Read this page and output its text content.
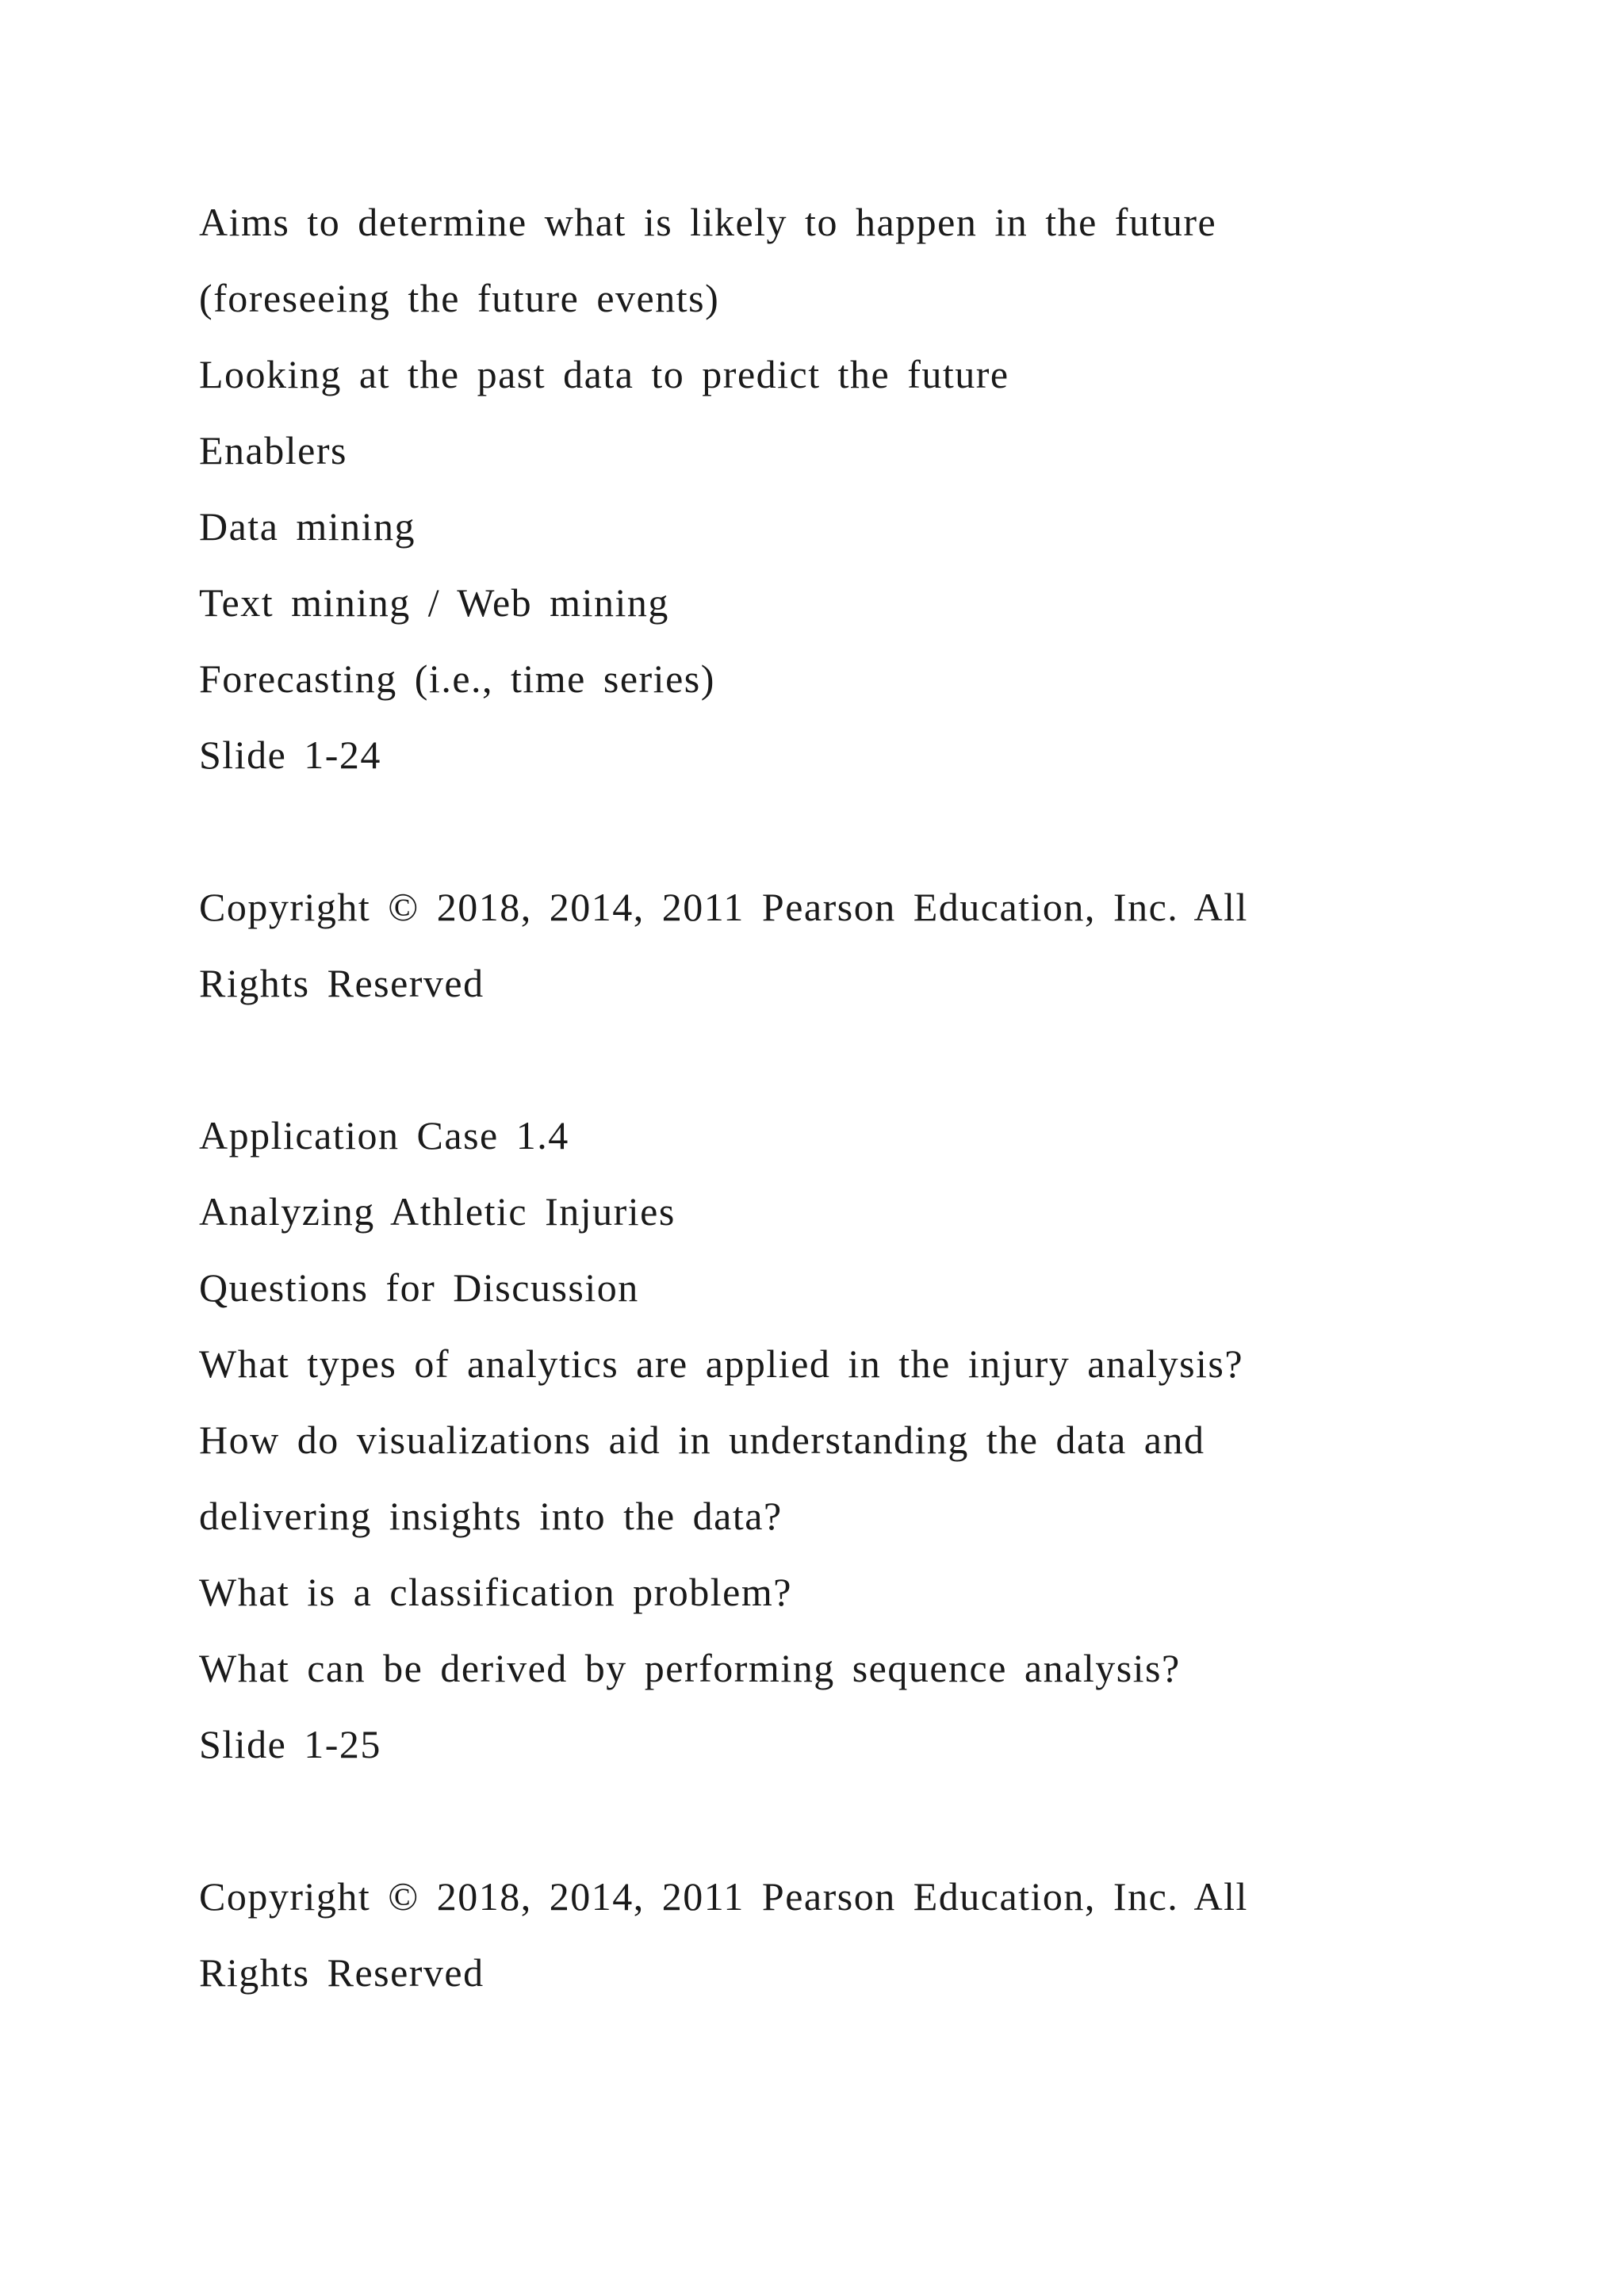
Aims to determine what is likely to happen in the future
(foreseeing the future events)
Looking at the past data to predict the future
Enablers
Data mining
Text mining / Web mining
Forecasting (i.e., time series)
Slide 1-24
Copyright © 2018, 2014, 2011 Pearson Education, Inc. All
Rights Reserved
Application Case 1.4
Analyzing Athletic Injuries
Questions for Discussion
What types of analytics are applied in the injury analysis?
How do visualizations aid in understanding the data and
delivering insights into the data?
What is a classification problem?
What can be derived by performing sequence analysis?
Slide 1-25
Copyright © 2018, 2014, 2011 Pearson Education, Inc. All
Rights Reserved
